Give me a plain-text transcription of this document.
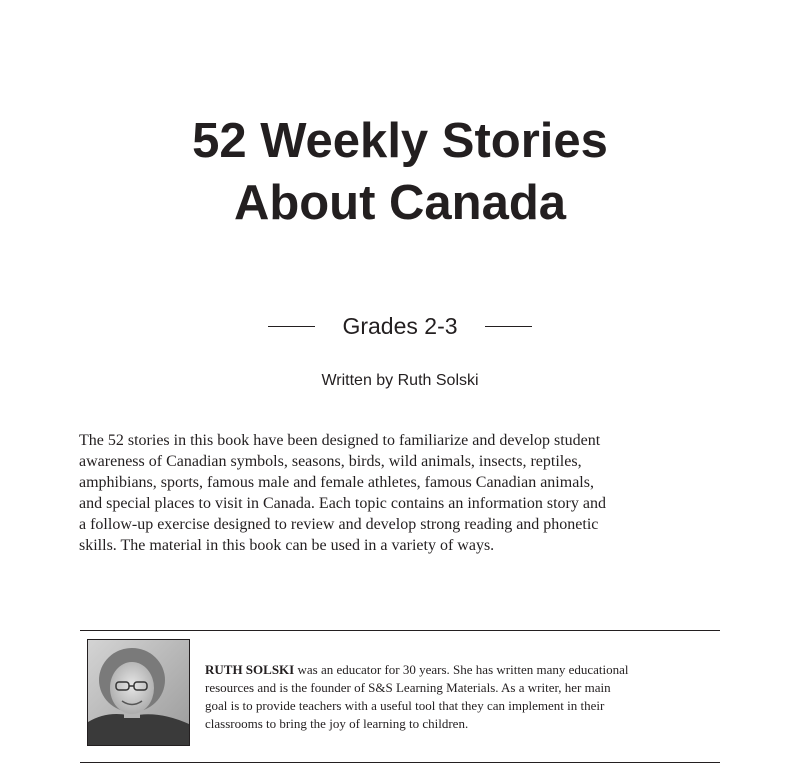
52 Weekly Stories
About Canada
Grades 2-3
Written by Ruth Solski

The 52 stories in this book have been designed to familiarize and develop student
awareness of Canadian symbols, seasons, birds, wild animals, insects, reptiles,
amphibians, sports, famous male and female athletes, famous Canadian animals,
and special places to visit in Canada. Each topic contains an information story and
a follow-up exercise designed to review and develop strong reading and phonetic
skills. The material in this book can be used in a variety of ways.

RUTH SOLSKI was an educator for 30 years. She has written many educational
resources and is the founder of S&S Learning Materials. As a writer, her main
goal is to provide teachers with a useful tool that they can implement in their
classrooms to bring the joy of learning to children.
